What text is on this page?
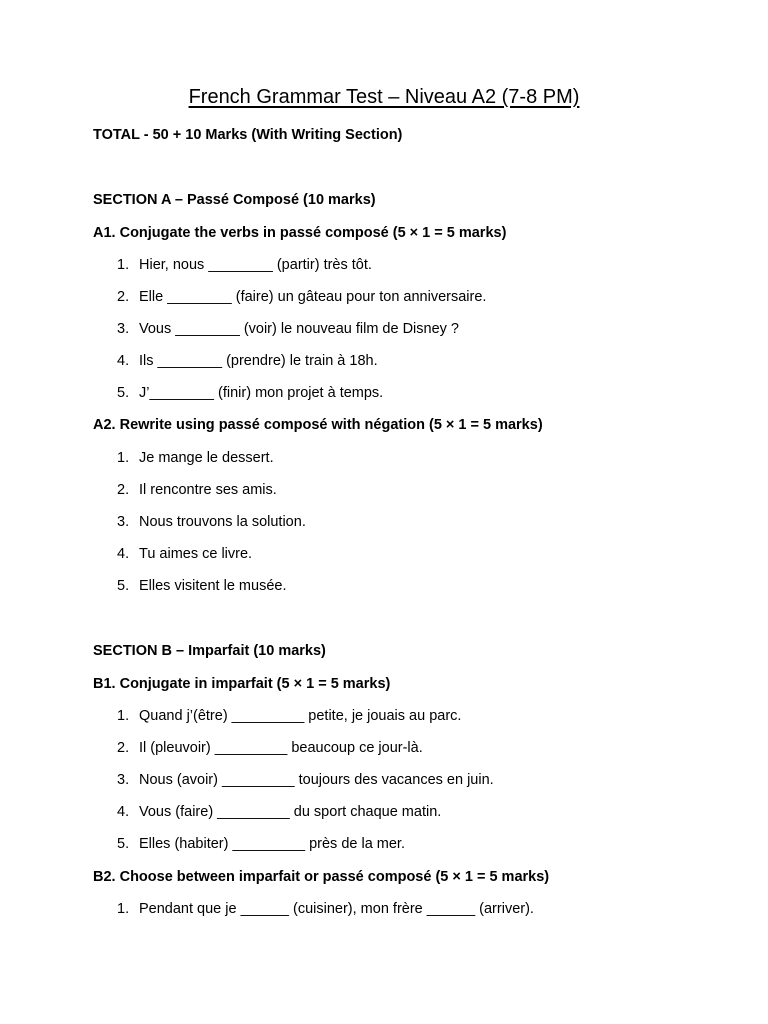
French Grammar Test – Niveau A2 (7-8 PM)
TOTAL - 50 + 10 Marks (With Writing Section)
SECTION A – Passé Composé (10 marks)
A1. Conjugate the verbs in passé composé (5 × 1 = 5 marks)
1. Hier, nous ________ (partir) très tôt.
2. Elle ________ (faire) un gâteau pour ton anniversaire.
3. Vous ________ (voir) le nouveau film de Disney ?
4. Ils ________ (prendre) le train à 18h.
5. J’________ (finir) mon projet à temps.
A2. Rewrite using passé composé with négation (5 × 1 = 5 marks)
1. Je mange le dessert.
2. Il rencontre ses amis.
3. Nous trouvons la solution.
4. Tu aimes ce livre.
5. Elles visitent le musée.
SECTION B – Imparfait (10 marks)
B1. Conjugate in imparfait (5 × 1 = 5 marks)
1. Quand j’(être) _________ petite, je jouais au parc.
2. Il (pleuvoir) _________ beaucoup ce jour-là.
3. Nous (avoir) _________ toujours des vacances en juin.
4. Vous (faire) _________ du sport chaque matin.
5. Elles (habiter) _________ près de la mer.
B2. Choose between imparfait or passé composé (5 × 1 = 5 marks)
1. Pendant que je ______ (cuisiner), mon frère ______ (arriver).
